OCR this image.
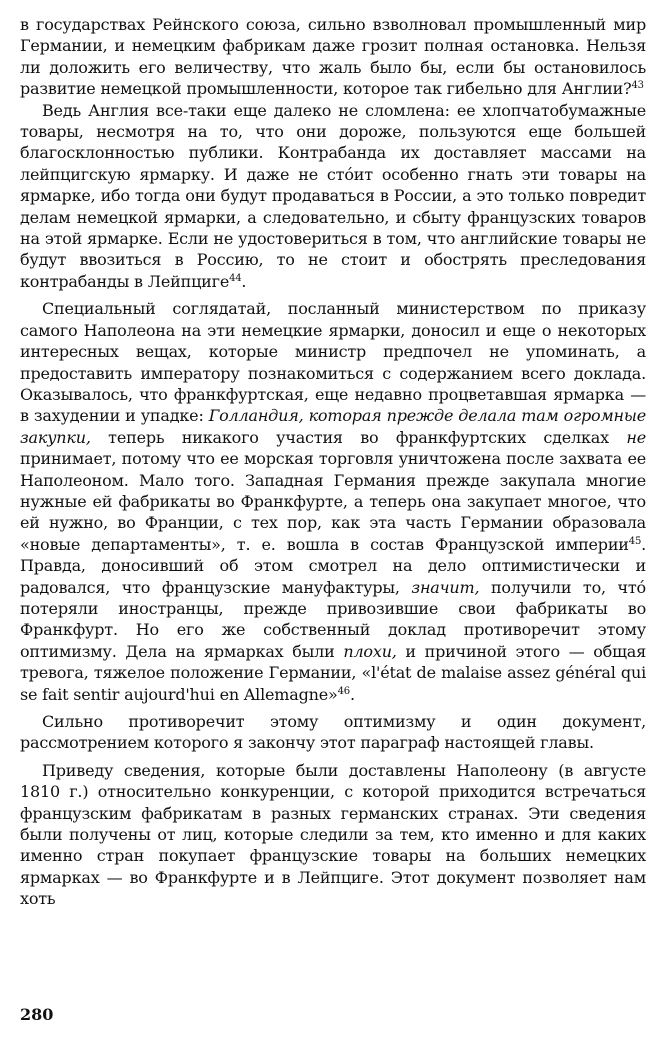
в государствах Рейнского союза, сильно взволновал промышленный мир Германии, и немецким фабрикам даже грозит полная остановка. Нельзя ли доложить его величеству, что жаль было бы, если бы остановилось развитие немецкой промышленности, которое так гибельно для Англии?$^{43}$

Ведь Англия все-таки еще далеко не сломлена: ее хлопчатобумажные товары, несмотря на то, что они дороже, пользуются еще большей благосклонностью публики. Контрабанда их доставляет массами на лейпцигскую ярмарку. И даже не стóит особенно гнать эти товары на ярмарке, ибо тогда они будут продаваться в России, а это только повредит делам немецкой ярмарки, а следовательно, и сбыту французских товаров на этой ярмарке. Если не удостовериться в том, что английские товары не будут ввозиться в Россию, то не стоит и обострять преследования контрабанды в Лейпциге$^{44}$.

Специальный соглядатай, посланный министерством по приказу самого Наполеона на эти немецкие ярмарки, доносил и еще о некоторых интересных вещах, которые министр предпочел не упоминать, а предоставить императору познакомиться с содержанием всего доклада. Оказывалось, что франкфуртская, еще недавно процветавшая ярмарка — в захудении и упадке: Голландия, которая прежде делала там огромные закупки, теперь никакого участия во франкфуртских сделках не принимает, потому что ее морская торговля уничтожена после захвата ее Наполеоном. Мало того. Западная Германия прежде закупала многие нужные ей фабрикаты во Франкфурте, а теперь она закупает многое, что ей нужно, во Франции, с тех пор, как эта часть Германии образовала «новые департаменты», т. е. вошла в состав Французской империи$^{45}$. Правда, доносивший об этом смотрел на дело оптимистически и радовался, что французские мануфактуры, значит, получили то, чтó потеряли иностранцы, прежде привозившие свои фабрикаты во Франкфурт. Но его же собственный доклад противоречит этому оптимизму. Дела на ярмарках были плохи, и причиной этого — общая тревога, тяжелое положение Германии, «l'état de malaise assez général qui se fait sentir aujourd'hui en Allemagne»$^{46}$.

Сильно противоречит этому оптимизму и один документ, рассмотрением которого я закончу этот параграф настоящей главы.

Приведу сведения, которые были доставлены Наполеону (в августе 1810 г.) относительно конкуренции, с которой приходится встречаться французским фабрикатам в разных германских странах. Эти сведения были получены от лиц, которые следили за тем, кто именно и для каких именно стран покупает французские товары на больших немецких ярмарках — во Франкфурте и в Лейпциге. Этот документ позволяет нам хоть

280
